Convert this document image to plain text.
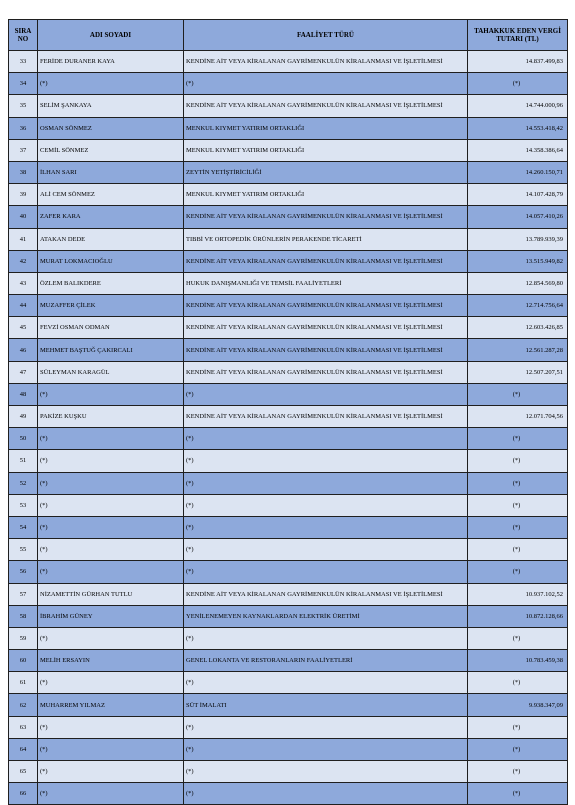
SIRA NO	ADI SOYADI	FAALİYET TÜRÜ	TAHAKKUK EDEN VERGİ TUTARI (TL)
33	FERİDE DURANER KAYA	KENDİNE AİT VEYA KİRALANAN GAYRİMENKULÜN KİRALANMASI VE İŞLETİLMESİ	14.837.499,83
34	(*)	(*)	(*)
35	SELİM ŞANKAYA	KENDİNE AİT VEYA KİRALANAN GAYRİMENKULÜN KİRALANMASI VE İŞLETİLMESİ	14.744.000,96
36	OSMAN SÖNMEZ	MENKUL KIYMET YATIRIM ORTAKLIĞI	14.553.418,42
37	CEMİL SÖNMEZ	MENKUL KIYMET YATIRIM ORTAKLIĞI	14.358.386,64
38	İLHAN SARI	ZEYTİN YETİŞTİRİCİLİĞİ	14.260.150,71
39	ALİ CEM SÖNMEZ	MENKUL KIYMET YATIRIM ORTAKLIĞI	14.107.428,79
40	ZAFER KARA	KENDİNE AİT VEYA KİRALANAN GAYRİMENKULÜN KİRALANMASI VE İŞLETİLMESİ	14.057.410,26
41	ATAKAN DEDE	TIBBİ VE ORTOPEDİK ÜRÜNLERİN PERAKENDE TİCARETİ	13.789.939,39
42	MURAT LOKMACIOĞLU	KENDİNE AİT VEYA KİRALANAN GAYRİMENKULÜN KİRALANMASI VE İŞLETİLMESİ	13.515.949,82
43	ÖZLEM BALIKDERE	HUKUK DANIŞMANLIĞI VE TEMSİL FAALİYETLERİ	12.854.569,80
44	MUZAFFER ÇİLEK	KENDİNE AİT VEYA KİRALANAN GAYRİMENKULÜN KİRALANMASI VE İŞLETİLMESİ	12.714.756,64
45	FEVZİ OSMAN ODMAN	KENDİNE AİT VEYA KİRALANAN GAYRİMENKULÜN KİRALANMASI VE İŞLETİLMESİ	12.603.426,85
46	MEHMET BAŞTUĞ ÇAKIRCALI	KENDİNE AİT VEYA KİRALANAN GAYRİMENKULÜN KİRALANMASI VE İŞLETİLMESİ	12.561.287,28
47	SÜLEYMAN KARAGÜL	KENDİNE AİT VEYA KİRALANAN GAYRİMENKULÜN KİRALANMASI VE İŞLETİLMESİ	12.507.207,51
48	(*)	(*)	(*)
49	PAKİZE KUŞKU	KENDİNE AİT VEYA KİRALANAN GAYRİMENKULÜN KİRALANMASI VE İŞLETİLMESİ	12.071.704,56
50	(*)	(*)	(*)
51	(*)	(*)	(*)
52	(*)	(*)	(*)
53	(*)	(*)	(*)
54	(*)	(*)	(*)
55	(*)	(*)	(*)
56	(*)	(*)	(*)
57	NİZAMETTİN GÜRHAN TUTLU	KENDİNE AİT VEYA KİRALANAN GAYRİMENKULÜN KİRALANMASI VE İŞLETİLMESİ	10.937.102,52
58	İBRAHİM GÜNEY	YENİLENEMEYEN KAYNAKLARDAN ELEKTRİK ÜRETİMİ	10.872.128,66
59	(*)	(*)	(*)
60	MELİH ERSAYIN	GENEL LOKANTA VE RESTORANLARIN FAALİYETLERİ	10.783.459,38
61	(*)	(*)	(*)
62	MUHARREM YILMAZ	SÜT İMALATI	9.938.347,09
63	(*)	(*)	(*)
64	(*)	(*)	(*)
65	(*)	(*)	(*)
66	(*)	(*)	(*)
